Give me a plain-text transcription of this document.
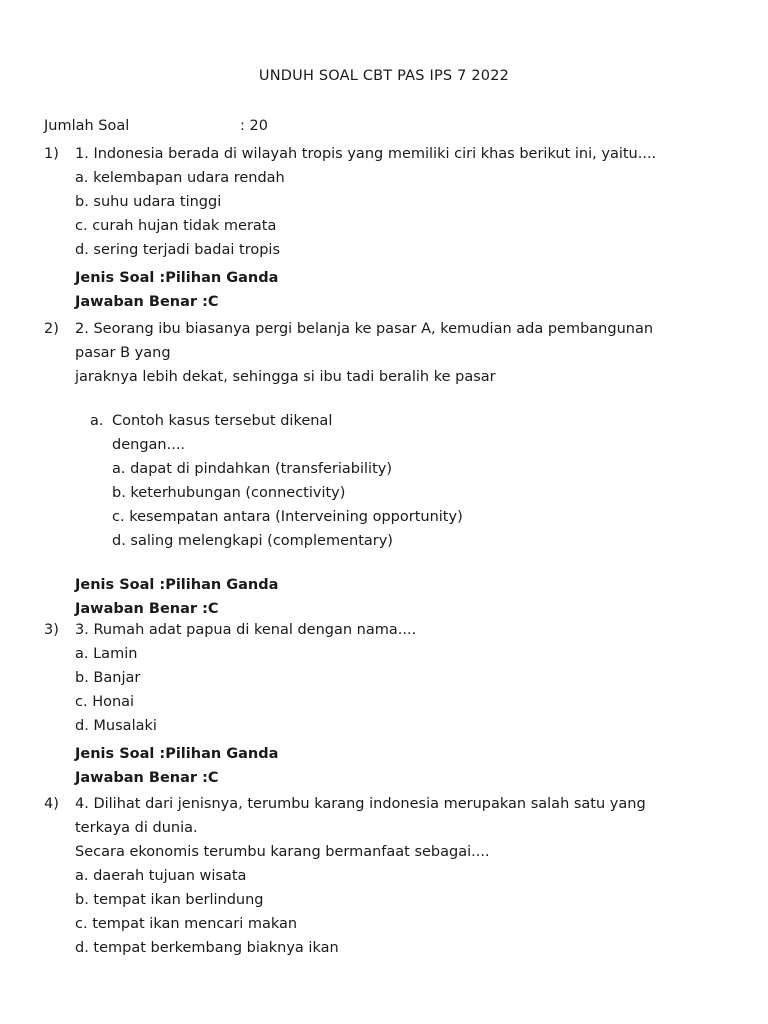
UNDUH SOAL CBT PAS IPS 7 2022
Jumlah Soal	: 20
1) 1. Indonesia berada di wilayah tropis yang memiliki ciri khas berikut ini, yaitu....
a. kelembapan udara rendah
b. suhu udara tinggi
c. curah hujan tidak merata
d. sering terjadi badai tropis
Jenis Soal :Pilihan Ganda
Jawaban Benar :C
2) 2. Seorang ibu biasanya pergi belanja ke pasar A, kemudian ada pembangunan
pasar B yang
jaraknya lebih dekat, sehingga si ibu tadi beralih ke pasar
a. Contoh kasus tersebut dikenal
dengan....
a. dapat di pindahkan (transferiability)
b. keterhubungan (connectivity)
c. kesempatan antara (Interveining opportunity)
d. saling melengkapi (complementary)
Jenis Soal :Pilihan Ganda
Jawaban Benar :C
3) 3. Rumah adat papua di kenal dengan nama....
a. Lamin
b. Banjar
c. Honai
d. Musalaki
Jenis Soal :Pilihan Ganda
Jawaban Benar :C
4) 4. Dilihat dari jenisnya, terumbu karang indonesia merupakan salah satu yang
terkaya di dunia.
Secara ekonomis terumbu karang bermanfaat sebagai....
a. daerah tujuan wisata
b. tempat ikan berlindung
c. tempat ikan mencari makan
d. tempat berkembang biaknya ikan
